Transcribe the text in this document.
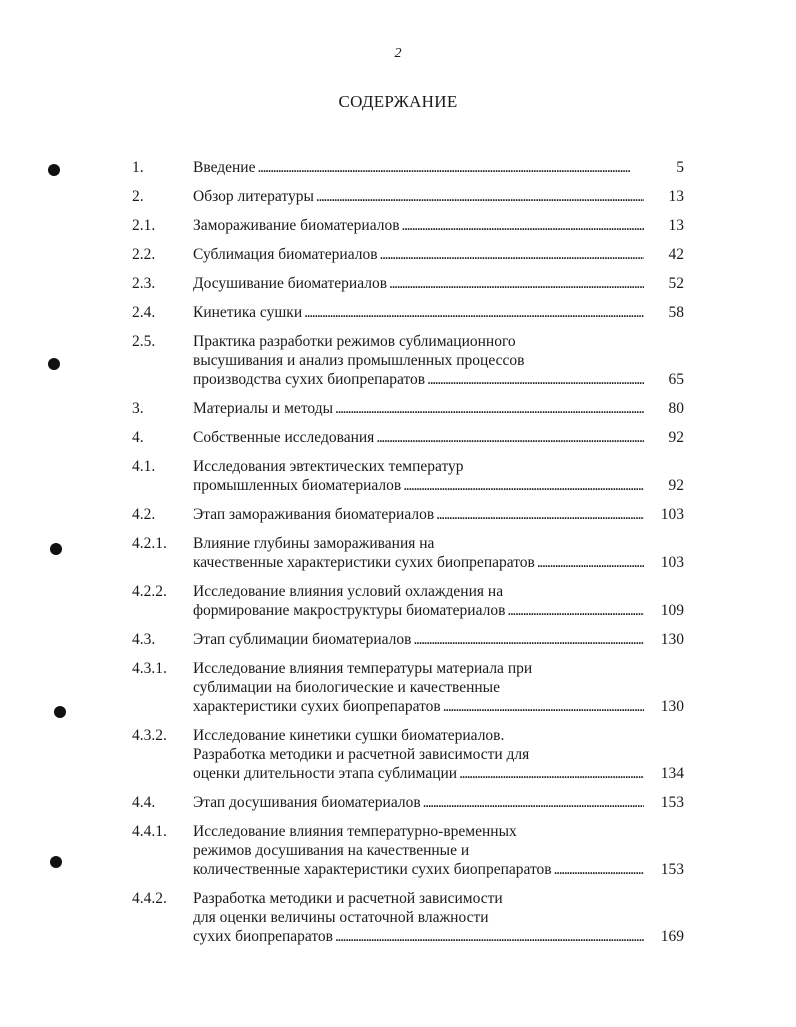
2
СОДЕРЖАНИЕ
1.	Введение . . .	5
2.	Обзор литературы . . .	13
2.1.	Замораживание биоматериалов . . .	13
2.2.	Сублимация биоматериалов . . .	42
2.3.	Досушивание биоматериалов . . .	52
2.4.	Кинетика сушки . . .	58
2.5.	Практика разработки режимов сублимационного
высушивания и анализ промышленных процессов
производства сухих биопрепаратов . . .	65
3.	Материалы и методы . . .	80
4.	Собственные исследования . . .	92
4.1.	Исследования эвтектических температур
промышленных биоматериалов . . .	92
4.2.	Этап замораживания биоматериалов . . .	103
4.2.1.	Влияние глубины замораживания на
качественные характеристики сухих биопрепаратов . . .	103
4.2.2.	Исследование влияния условий охлаждения на
формирование макроструктуры биоматериалов . . .	109
4.3.	Этап сублимации биоматериалов . . .	130
4.3.1.	Исследование влияния температуры материала при
сублимации на биологические и качественные
характеристики сухих биопрепаратов . . .	130
4.3.2.	Исследование кинетики сушки биоматериалов.
Разработка методики и расчетной зависимости для
оценки длительности этапа сублимации . . .	134
4.4.	Этап досушивания биоматериалов . . .	153
4.4.1.	Исследование влияния температурно-временных
режимов досушивания на качественные и
количественные характеристики сухих биопрепаратов . . .	153
4.4.2.	Разработка методики и расчетной зависимости
для оценки величины остаточной влажности
сухих биопрепаратов . . .	169
